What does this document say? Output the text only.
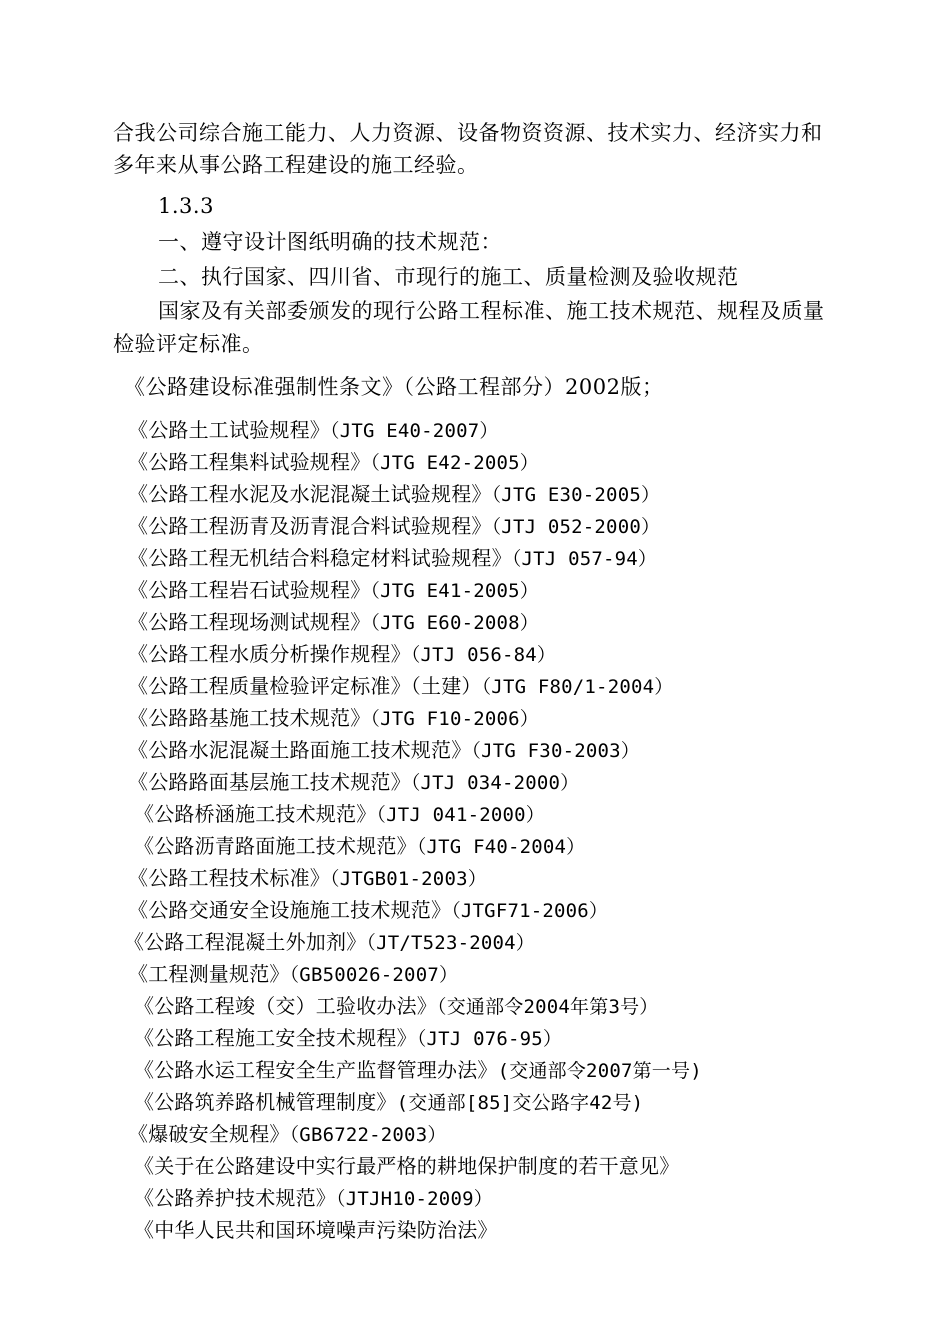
合我公司综合施工能力、人力资源、设备物资资源、技术实力、经济实力和
多年来从事公路工程建设的施工经验。
1.3.3
一、遵守设计图纸明确的技术规范：
二、执行国家、四川省、市现行的施工、质量检测及验收规范
国家及有关部委颁发的现行公路工程标准、施工技术规范、规程及质量
检验评定标准。
《公路建设标准强制性条文》（公路工程部分）2002版；
《公路土工试验规程》（JTG E40-2007）
《公路工程集料试验规程》（JTG E42-2005）
《公路工程水泥及水泥混凝土试验规程》（JTG E30-2005）
《公路工程沥青及沥青混合料试验规程》（JTJ 052-2000）
《公路工程无机结合料稳定材料试验规程》（JTJ 057-94）
《公路工程岩石试验规程》（JTG E41-2005）
《公路工程现场测试规程》（JTG E60-2008）
《公路工程水质分析操作规程》（JTJ 056-84）
《公路工程质量检验评定标准》（土建）（JTG F80/1-2004）
《公路路基施工技术规范》（JTG F10-2006）
《公路水泥混凝土路面施工技术规范》（JTG F30-2003）
《公路路面基层施工技术规范》（JTJ 034-2000）
《公路桥涵施工技术规范》（JTJ 041-2000）
《公路沥青路面施工技术规范》（JTG F40-2004）
《公路工程技术标准》（JTGB01-2003）
《公路交通安全设施施工技术规范》（JTGF71-2006）
《公路工程混凝土外加剂》（JT/T523-2004）
《工程测量规范》（GB50026-2007）
《公路工程竣（交）工验收办法》（交通部令2004年第3号）
《公路工程施工安全技术规程》（JTJ 076-95）
《公路水运工程安全生产监督管理办法》(交通部令2007第一号)
《公路筑养路机械管理制度》(交通部[85]交公路字42号)
《爆破安全规程》（GB6722-2003）
《关于在公路建设中实行最严格的耕地保护制度的若干意见》
《公路养护技术规范》（JTJH10-2009）
《中华人民共和国环境噪声污染防治法》
